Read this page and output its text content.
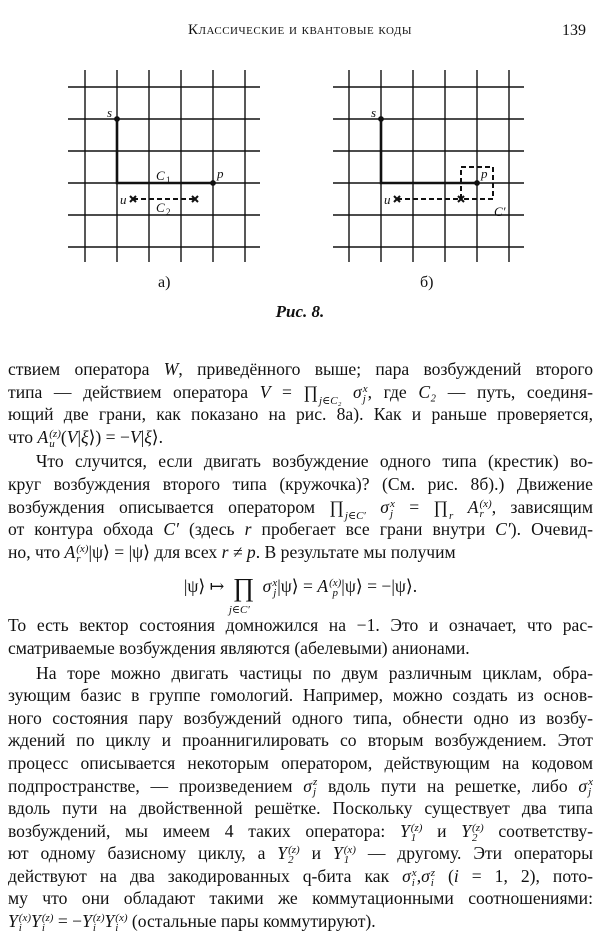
Классические и квантовые коды	139
s
p
u
C 1
C 2
а)
s
p
u
C′
б)
Рис. 8.
ствием оператора W, приведённого выше; пара возбуждений второго
типа — действием оператора V = ∏ j∈C₂ σ x
j , где C₂ — путь, соединя-
ющий две грани, как показано на рис. 8а). Как и раньше проверяется,
что A (z)
u (V|ξ⟩) = −V|ξ⟩.
Что случится, если двигать возбуждение одного типа (крестик) во-
круг возбуждения второго типа (кружочка)? (См. рис. 8б).) Движение
возбуждения описывается оператором ∏ j∈C′ σ x
j = ∏ r A (x)
r , зависящим
от контура обхода C′ (здесь r пробегает все грани внутри C′). Очевид-
но, что A (x)
r |ψ⟩ = |ψ⟩ для всех r ≠ p. В результате мы получим
|ψ⟩ ↦ ∏
j∈C′
σ x
j |ψ⟩ = A (x)
p |ψ⟩ = −|ψ⟩.
То есть вектор состояния домножился на −1. Это и означает, что рас-
сматриваемые возбуждения являются (абелевыми) анионами.
На торе можно двигать частицы по двум различным циклам, обра-
зующим базис в группе гомологий. Например, можно создать из основ-
ного состояния пару возбуждений одного типа, обнести одно из возбу-
ждений по циклу и проаннигилировать со вторым возбуждением. Этот
процесс описывается некоторым оператором, действующим на кодовом
подпространстве, — произведением σ z
j вдоль пути на решетке, либо σ x
j
вдоль пути на двойственной решётке. Поскольку существует два типа
возбуждений, мы имеем 4 таких оператора: Y (z)
1 и Y (z)
2 соответству-
ют одному базисному циклу, а Y (z)
2 и Y (x)
1 — другому. Эти операторы
действуют на два закодированных q-бита как σ x
i ,σ z
i (i = 1, 2), пото-
му что они обладают такими же коммутационными соотношениями:
Y (x)
i Y (z)
i = −Y (z)
i Y (x)
i (остальные пары коммутируют).
